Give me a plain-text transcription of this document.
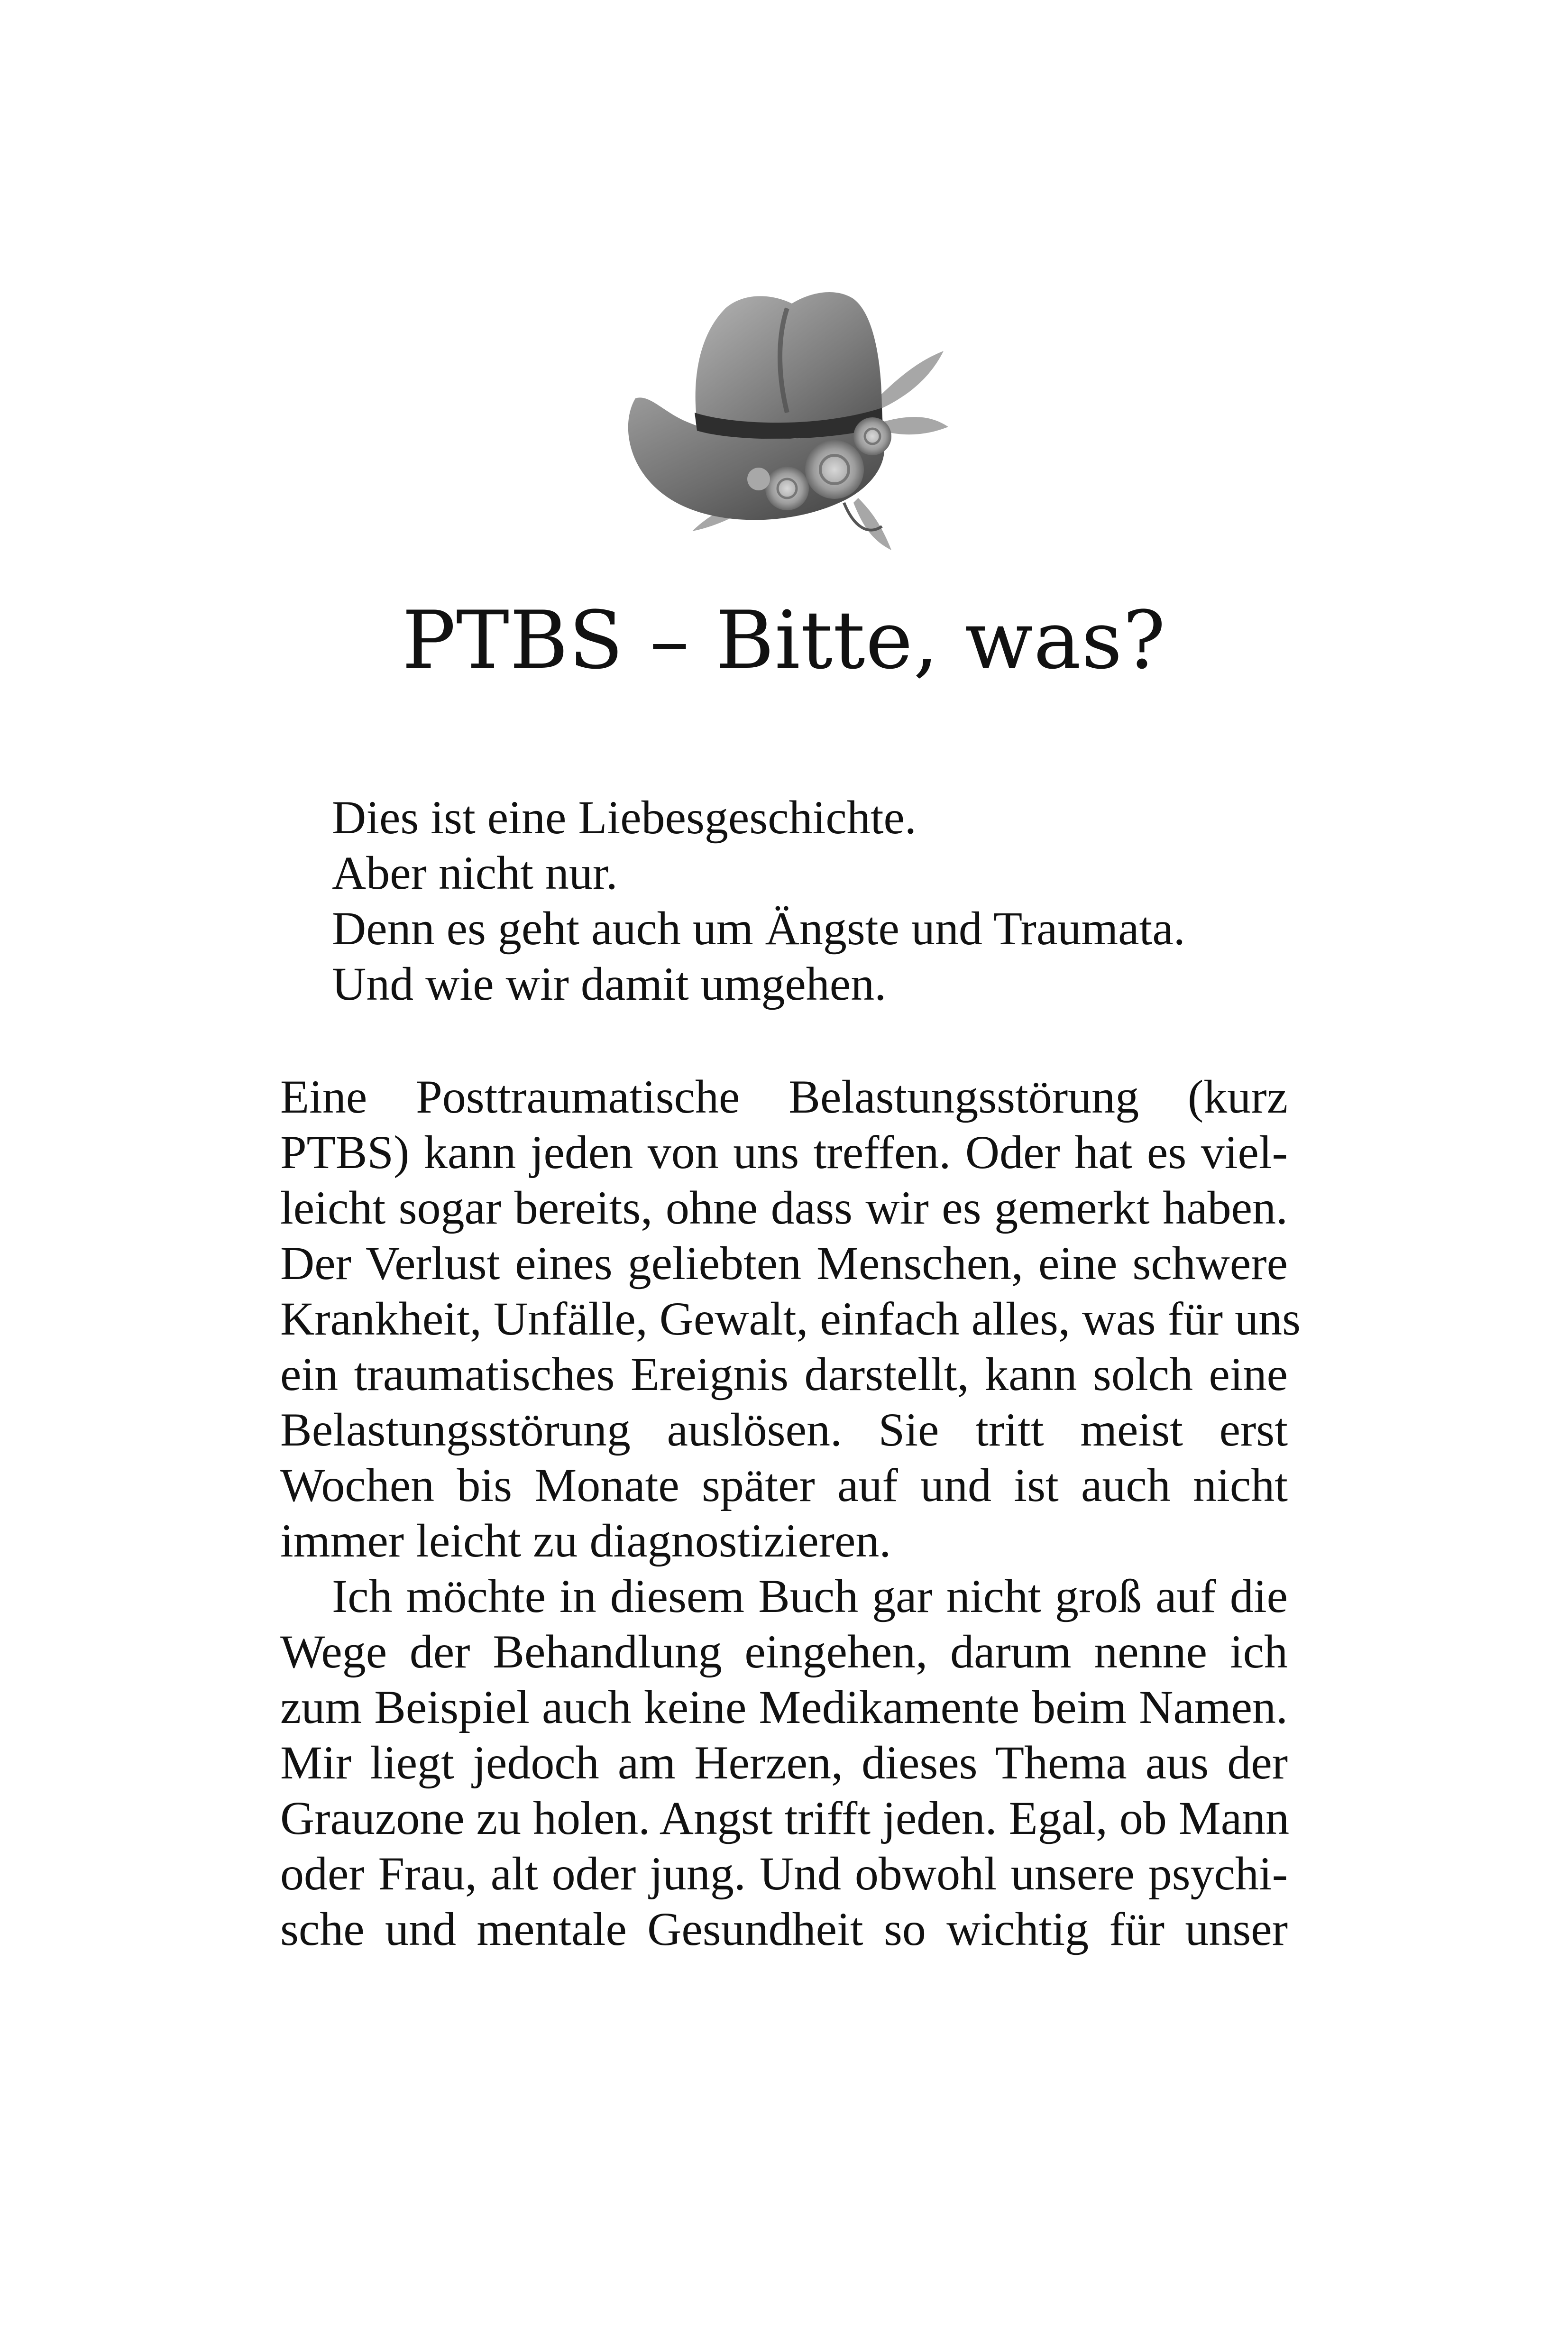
PTBS – Bitte, was?
Dies ist eine Liebesgeschichte.
Aber nicht nur.
Denn es geht auch um Ängste und Traumata.
Und wie wir damit umgehen.
Eine Posttraumatische Belastungsstörung (kurz
PTBS) kann jeden von uns treffen. Oder hat es viel-
leicht sogar bereits, ohne dass wir es gemerkt haben.
Der Verlust eines geliebten Menschen, eine schwere
Krankheit, Unfälle, Gewalt, einfach alles, was für uns
ein traumatisches Ereignis darstellt, kann solch eine
Belastungsstörung auslösen. Sie tritt meist erst
Wochen bis Monate später auf und ist auch nicht
immer leicht zu diagnostizieren.
Ich möchte in diesem Buch gar nicht groß auf die
Wege der Behandlung eingehen, darum nenne ich
zum Beispiel auch keine Medikamente beim Namen.
Mir liegt jedoch am Herzen, dieses Thema aus der
Grauzone zu holen. Angst trifft jeden. Egal, ob Mann
oder Frau, alt oder jung. Und obwohl unsere psychi-
sche und mentale Gesundheit so wichtig für unser
